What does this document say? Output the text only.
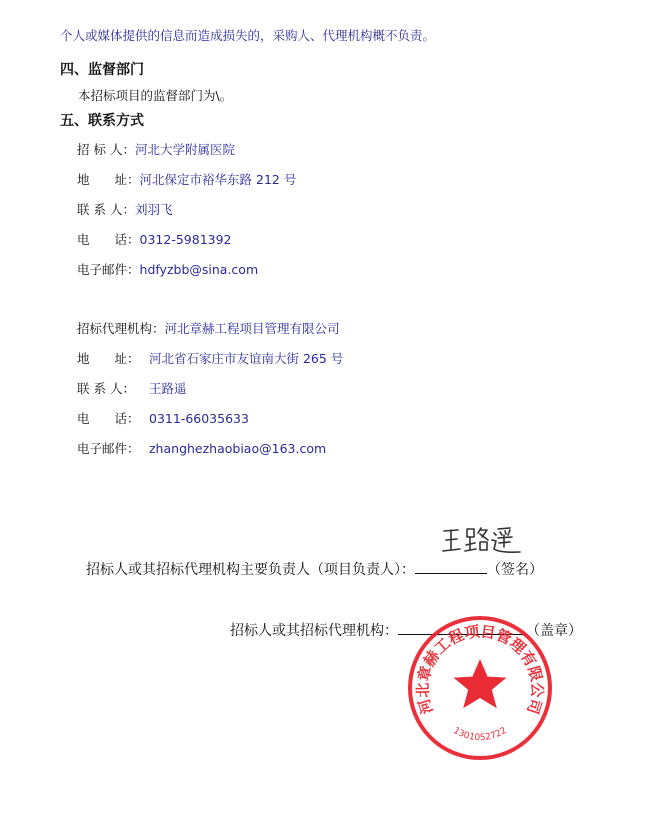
个人或媒体提供的信息而造成损失的，采购人、代理机构概不负责。
四、监督部门
本招标项目的监督部门为\。
五、联系方式
招 标 人：河北大学附属医院
地　　址：河北保定市裕华东路 212 号
联 系 人：刘羽飞
电　　话：0312-5981392
电子邮件：hdfyzbb@sina.com
招标代理机构：河北章赫工程项目管理有限公司
地　　址： 河北省石家庄市友谊南大街 265 号
联 系 人： 王路遥
电　　话： 0311-66035633
电子邮件： zhanghezhaobiao@163.com
招标人或其招标代理机构主要负责人（项目负责人）：	（签名）
招标人或其招标代理机构：	（盖章）
河北章赫工程项目管理有限公司
1301052722
